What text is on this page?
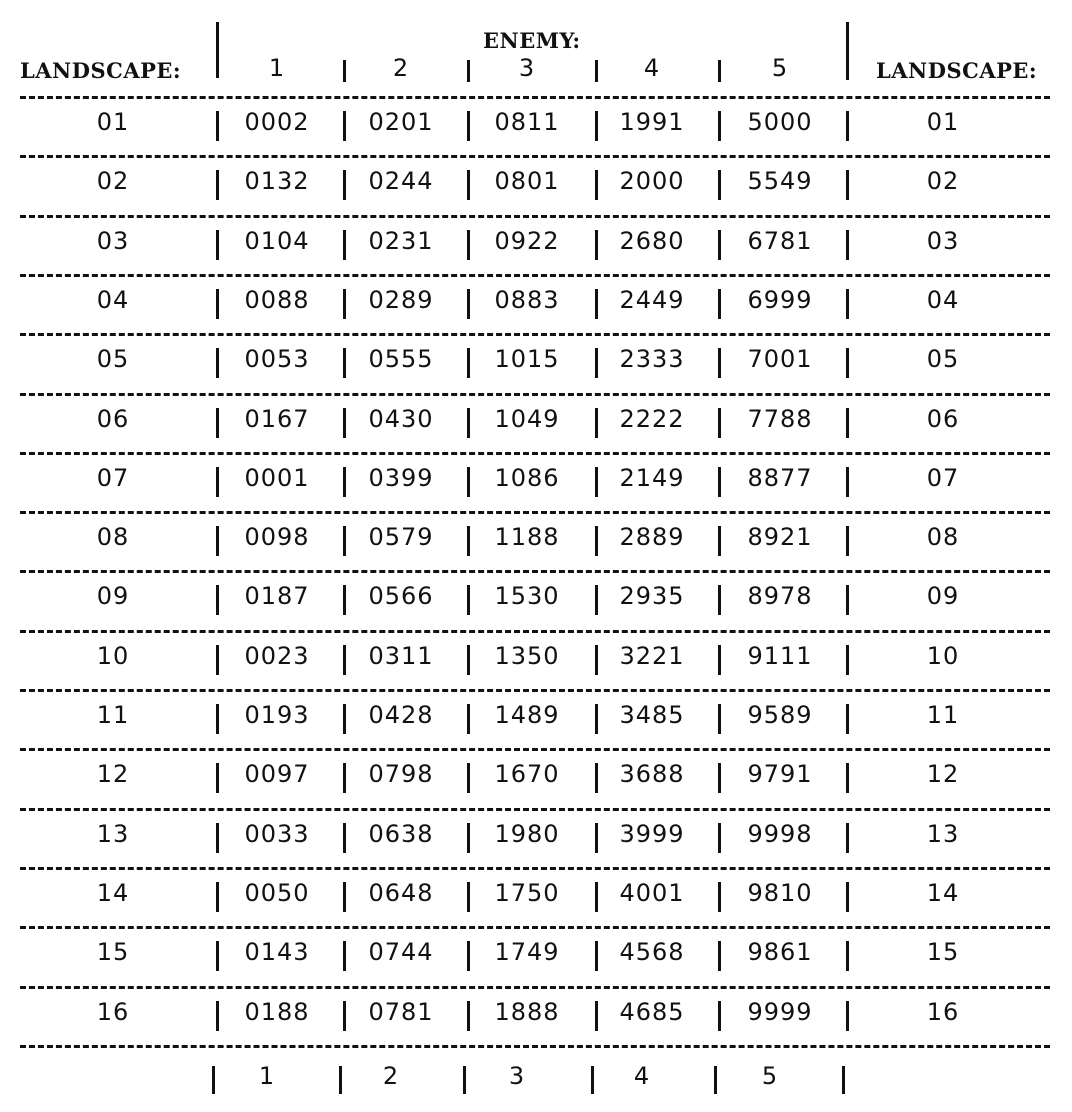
LANDSCAPE:
ENEMY:
LANDSCAPE:
1	2	3	4	5
01	0002	0201	0811	1991	5000	01
02	0132	0244	0801	2000	5549	02
03	0104	0231	0922	2680	6781	03
04	0088	0289	0883	2449	6999	04
05	0053	0555	1015	2333	7001	05
06	0167	0430	1049	2222	7788	06
07	0001	0399	1086	2149	8877	07
08	0098	0579	1188	2889	8921	08
09	0187	0566	1530	2935	8978	09
10	0023	0311	1350	3221	9111	10
11	0193	0428	1489	3485	9589	11
12	0097	0798	1670	3688	9791	12
13	0033	0638	1980	3999	9998	13
14	0050	0648	1750	4001	9810	14
15	0143	0744	1749	4568	9861	15
16	0188	0781	1888	4685	9999	16
1	2	3	4	5
